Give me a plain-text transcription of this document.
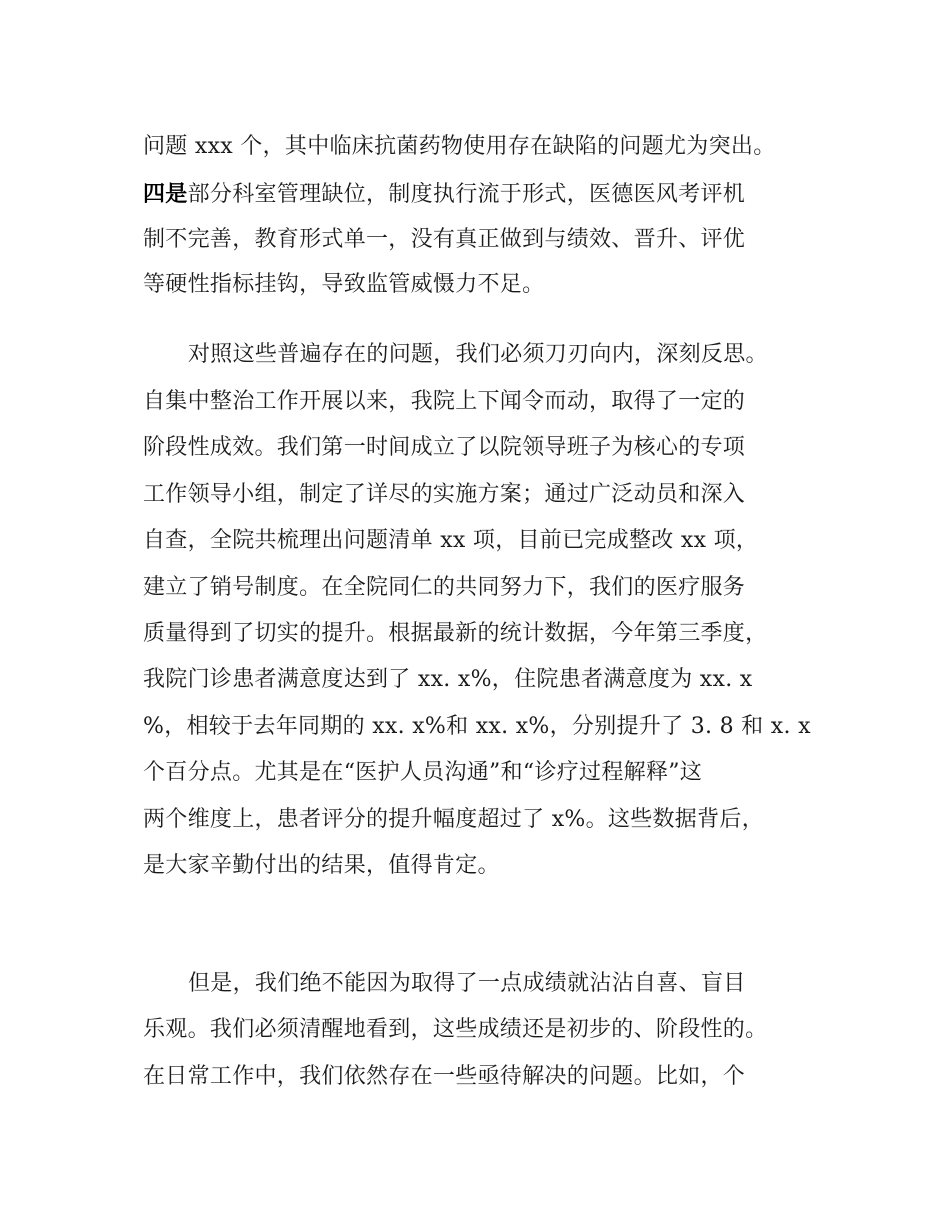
问题 xxx 个，其中临床抗菌药物使用存在缺陷的问题尤为突出。
四是部分科室管理缺位，制度执行流于形式，医德医风考评机
制不完善，教育形式单一，没有真正做到与绩效、晋升、评优
等硬性指标挂钩，导致监管威慑力不足。
对照这些普遍存在的问题，我们必须刀刃向内，深刻反思。
自集中整治工作开展以来，我院上下闻令而动，取得了一定的
阶段性成效。我们第一时间成立了以院领导班子为核心的专项
工作领导小组，制定了详尽的实施方案；通过广泛动员和深入
自查，全院共梳理出问题清单 xx 项，目前已完成整改 xx 项，
建立了销号制度。在全院同仁的共同努力下，我们的医疗服务
质量得到了切实的提升。根据最新的统计数据，今年第三季度，
我院门诊患者满意度达到了 xx. x%，住院患者满意度为 xx. x
%，相较于去年同期的 xx. x%和 xx. x%，分别提升了 3. 8 和 x. x
个百分点。尤其是在“医护人员沟通”和“诊疗过程解释”这
两个维度上，患者评分的提升幅度超过了 x%。这些数据背后，
是大家辛勤付出的结果，值得肯定。
但是，我们绝不能因为取得了一点成绩就沾沾自喜、盲目
乐观。我们必须清醒地看到，这些成绩还是初步的、阶段性的。
在日常工作中，我们依然存在一些亟待解决的问题。比如，个
